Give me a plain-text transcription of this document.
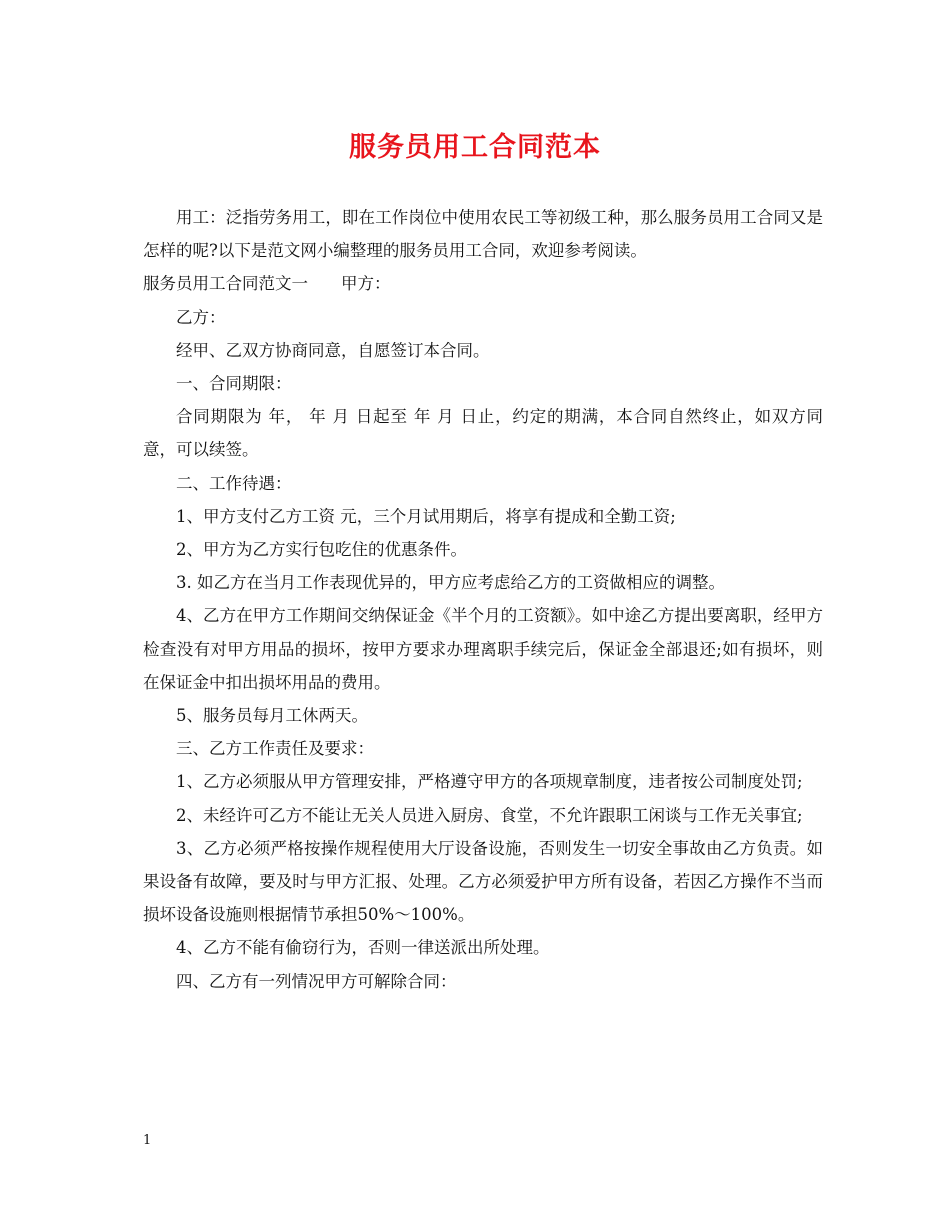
服务员用工合同范本

用工：泛指劳务用工，即在工作岗位中使用农民工等初级工种，那么服务员用工合同又是怎样的呢?以下是范文网小编整理的服务员用工合同，欢迎参考阅读。

服务员用工合同范文一　　甲方：

乙方：

经甲、乙双方协商同意，自愿签订本合同。

一、合同期限：

合同期限为 年， 年 月 日起至 年 月 日止，约定的期满，本合同自然终止，如双方同意，可以续签。

二、工作待遇：

1、甲方支付乙方工资 元，三个月试用期后，将享有提成和全勤工资;

2、甲方为乙方实行包吃住的优惠条件。

3. 如乙方在当月工作表现优异的，甲方应考虑给乙方的工资做相应的调整。

4、乙方在甲方工作期间交纳保证金《半个月的工资额》。如中途乙方提出要离职，经甲方检查没有对甲方用品的损坏，按甲方要求办理离职手续完后，保证金全部退还;如有损坏，则在保证金中扣出损坏用品的费用。

5、服务员每月工休两天。

三、乙方工作责任及要求：

1、乙方必须服从甲方管理安排，严格遵守甲方的各项规章制度，违者按公司制度处罚;

2、未经许可乙方不能让无关人员进入厨房、食堂，不允许跟职工闲谈与工作无关事宜;

3、乙方必须严格按操作规程使用大厅设备设施，否则发生一切安全事故由乙方负责。如果设备有故障，要及时与甲方汇报、处理。乙方必须爱护甲方所有设备，若因乙方操作不当而损坏设备设施则根据情节承担50%～100%。

4、乙方不能有偷窃行为，否则一律送派出所处理。

四、乙方有一列情况甲方可解除合同：

1
